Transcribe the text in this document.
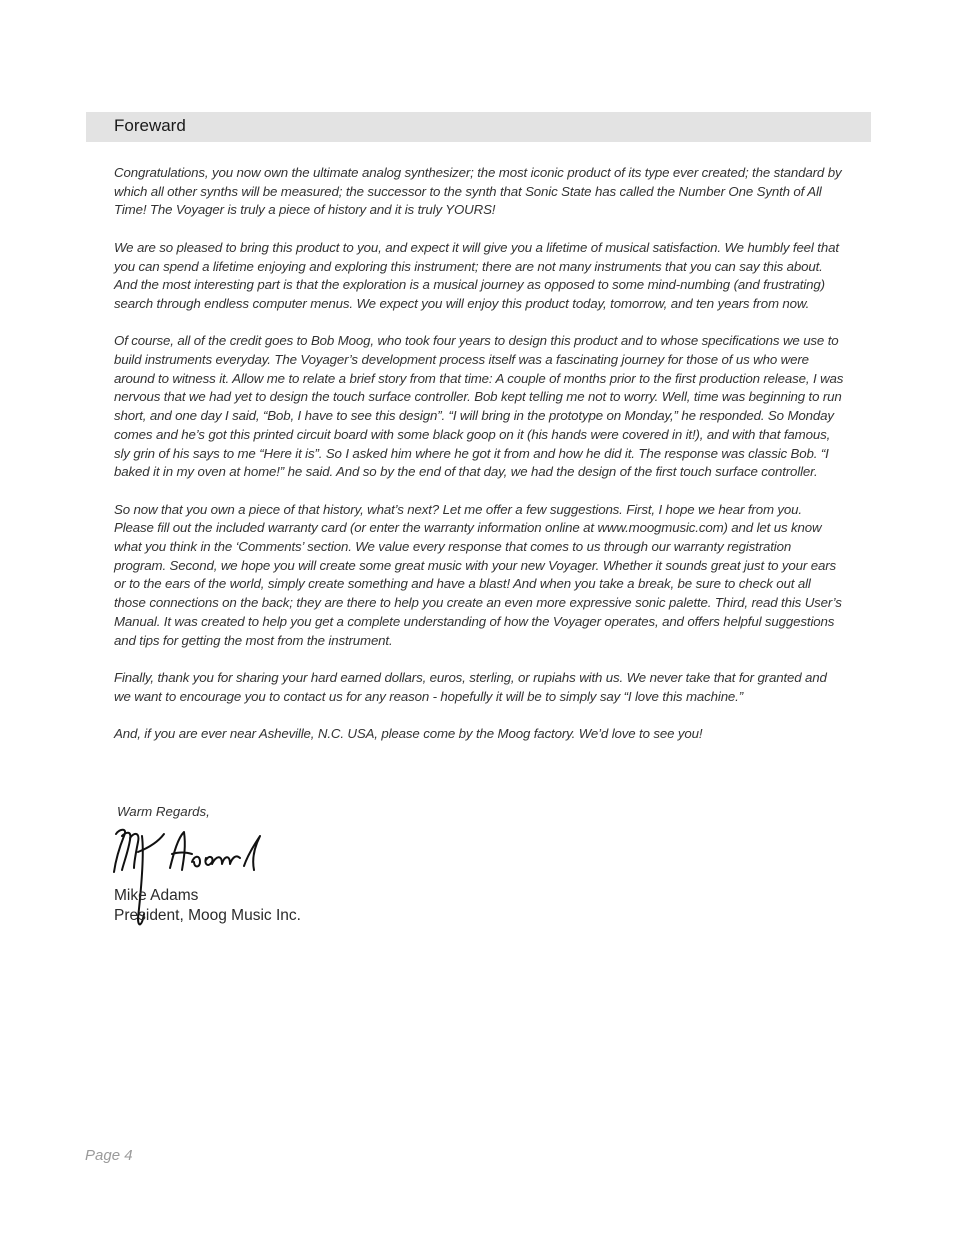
Foreward

Congratulations, you now own the ultimate analog synthesizer; the most iconic product of its type ever created; the standard by which all other synths will be measured; the successor to the synth that Sonic State has called the Number One Synth of All Time! The Voyager is truly a piece of history and it is truly YOURS!

We are so pleased to bring this product to you, and expect it will give you a lifetime of musical satisfaction. We humbly feel that you can spend a lifetime enjoying and exploring this instrument; there are not many instruments that you can say this about. And the most interesting part is that the exploration is a musical journey as opposed to some mind-numbing (and frustrating) search through endless computer menus. We expect you will enjoy this product today, tomorrow, and ten years from now.

Of course, all of the credit goes to Bob Moog, who took four years to design this product and to whose specifications we use to build instruments everyday. The Voyager’s development process itself was a fascinating journey for those of us who were around to witness it. Allow me to relate a brief story from that time: A couple of months prior to the first production release, I was nervous that we had yet to design the touch surface controller. Bob kept telling me not to worry. Well, time was beginning to run short, and one day I said, “Bob, I have to see this design”. “I will bring in the prototype on Monday,” he responded. So Monday comes and he’s got this printed circuit board with some black goop on it (his hands were covered in it!), and with that famous, sly grin of his says to me “Here it is”. So I asked him where he got it from and how he did it. The response was classic Bob. “I baked it in my oven at home!” he said. And so by the end of that day, we had the design of the first touch surface controller.

So now that you own a piece of that history, what’s next? Let me offer a few suggestions. First, I hope we hear from you. Please fill out the included warranty card (or enter the warranty information online at www.moogmusic.com) and let us know what you think in the ‘Comments’ section. We value every response that comes to us through our warranty registration program. Second, we hope you will create some great music with your new Voyager. Whether it sounds great just to your ears or to the ears of the world, simply create something and have a blast! And when you take a break, be sure to check out all those connections on the back; they are there to help you create an even more expressive sonic palette. Third, read this User’s Manual. It was created to help you get a complete understanding of how the Voyager operates, and offers helpful suggestions and tips for getting the most from the instrument.

Finally, thank you for sharing your hard earned dollars, euros, sterling, or rupiahs with us. We never take that for granted and we want to encourage you to contact us for any reason - hopefully it will be to simply say “I love this machine.”

And, if you are ever near Asheville, N.C. USA, please come by the Moog factory. We’d love to see you!

Warm Regards,
Mike Adams
President, Moog Music Inc.
Page 4
